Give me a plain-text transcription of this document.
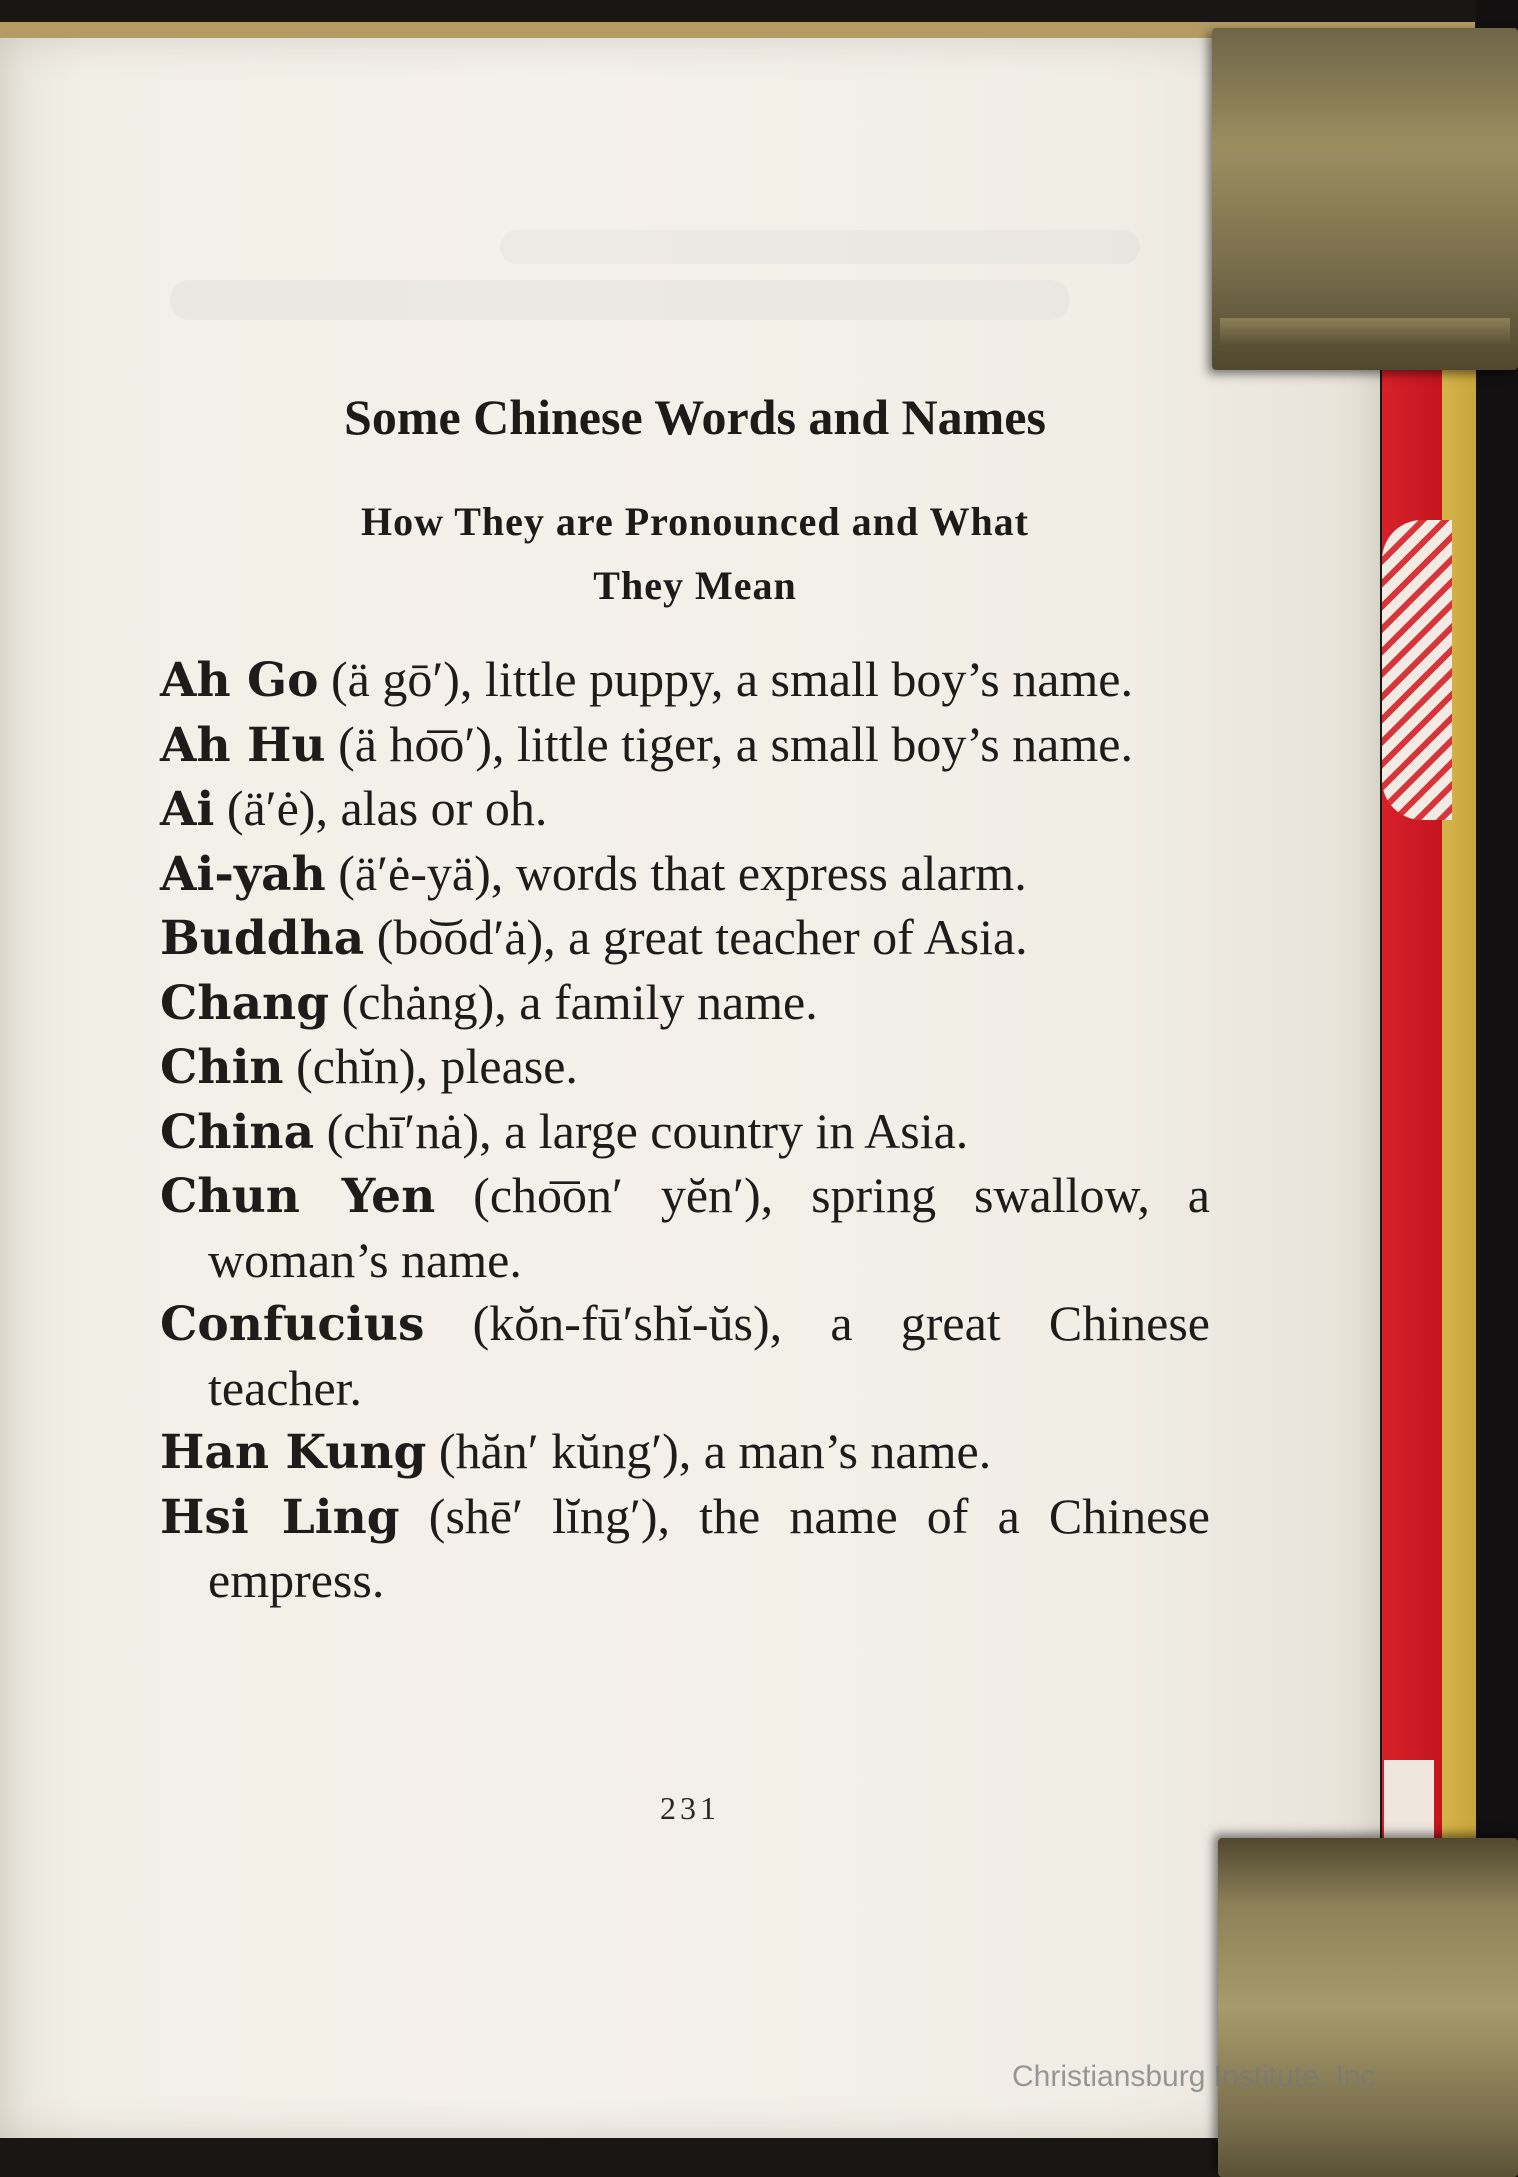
Some Chinese Words and Names
How They are Pronounced and What
They Mean
Ah Go (ä gō′), little puppy, a small boy’s name.
Ah Hu (ä ho͞o′), little tiger, a small boy’s name.
Ai (ä′ė), alas or oh.
Ai-yah (ä′ė-yä), words that express alarm.
Buddha (bo͝od′ȧ), a great teacher of Asia.
Chang (chȧng), a family name.
Chin (chĭn), please.
China (chī′nȧ), a large country in Asia.
Chun Yen (cho͞on′ yĕn′), spring swallow, a woman’s name.
Confucius (kŏn-fū′shĭ-ŭs), a great Chinese teacher.
Han Kung (hăn′ kŭng′), a man’s name.
Hsi Ling (shē′ lĭng′), the name of a Chinese empress.

231

Christiansburg Institute, Inc
